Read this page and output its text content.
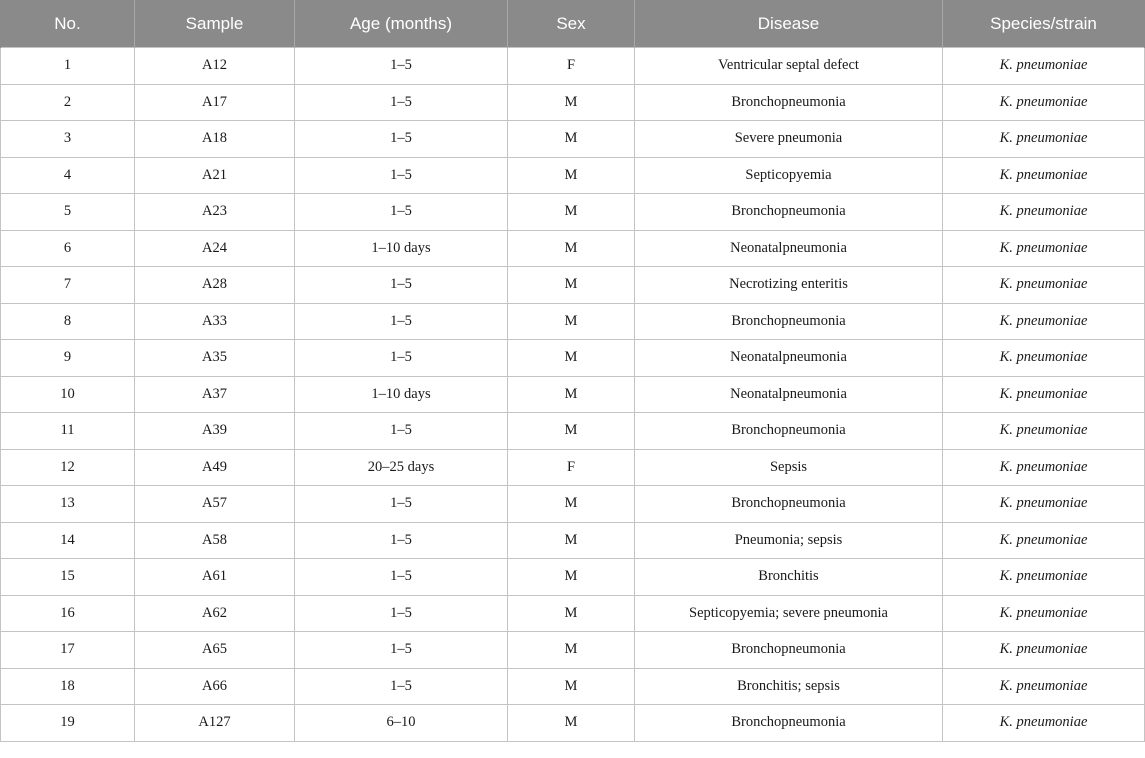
No.	Sample	Age (months)	Sex	Disease	Species/strain
1	A12	1–5	F	Ventricular septal defect	K. pneumoniae
2	A17	1–5	M	Bronchopneumonia	K. pneumoniae
3	A18	1–5	M	Severe pneumonia	K. pneumoniae
4	A21	1–5	M	Septicopyemia	K. pneumoniae
5	A23	1–5	M	Bronchopneumonia	K. pneumoniae
6	A24	1–10 days	M	Neonatalpneumonia	K. pneumoniae
7	A28	1–5	M	Necrotizing enteritis	K. pneumoniae
8	A33	1–5	M	Bronchopneumonia	K. pneumoniae
9	A35	1–5	M	Neonatalpneumonia	K. pneumoniae
10	A37	1–10 days	M	Neonatalpneumonia	K. pneumoniae
11	A39	1–5	M	Bronchopneumonia	K. pneumoniae
12	A49	20–25 days	F	Sepsis	K. pneumoniae
13	A57	1–5	M	Bronchopneumonia	K. pneumoniae
14	A58	1–5	M	Pneumonia; sepsis	K. pneumoniae
15	A61	1–5	M	Bronchitis	K. pneumoniae
16	A62	1–5	M	Septicopyemia; severe pneumonia	K. pneumoniae
17	A65	1–5	M	Bronchopneumonia	K. pneumoniae
18	A66	1–5	M	Bronchitis; sepsis	K. pneumoniae
19	A127	6–10	M	Bronchopneumonia	K. pneumoniae
